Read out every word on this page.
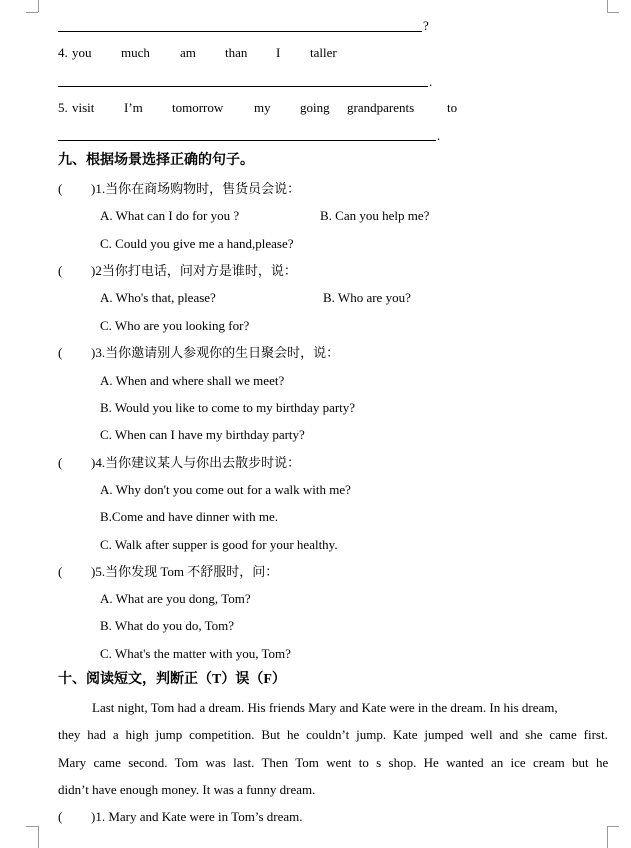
?
4. you much am than I taller
.
5. visit I’m tomorrow my going grandparents	to
.
九、根据场景选择正确的句子。
( )1.当你在商场购物时，售货员会说：
A. What can I do for you ?	B. Can you help me?
C. Could you give me a hand,please?
( )2当你打电话，问对方是谁时，说：
A. Who's that, please?	B. Who are you?
C. Who are you looking for?
( )3.当你邀请别人参观你的生日聚会时，说：
A. When and where shall we meet?
B. Would you like to come to my birthday party?
C. When can I have my birthday party?
( )4.当你建议某人与你出去散步时说：
A. Why don't you come out for a walk with me?
B.Come and have dinner with me.
C. Walk after supper is good for your healthy.
( )5.当你发现 Tom 不舒服时，问：
A. What are you dong, Tom?
B. What do you do, Tom?
C. What's the matter with you, Tom?
十、阅读短文，判断正（T）误（F）
Last night, Tom had a dream. His friends Mary and Kate were in the dream. In his dream,
they had a high jump competition. But he couldn’t jump. Kate jumped well and she came first.
Mary came second. Tom was last. Then Tom went to s shop. He wanted an ice cream but he
didn’t have enough money. It was a funny dream.
( )1. Mary and Kate were in Tom’s dream.
